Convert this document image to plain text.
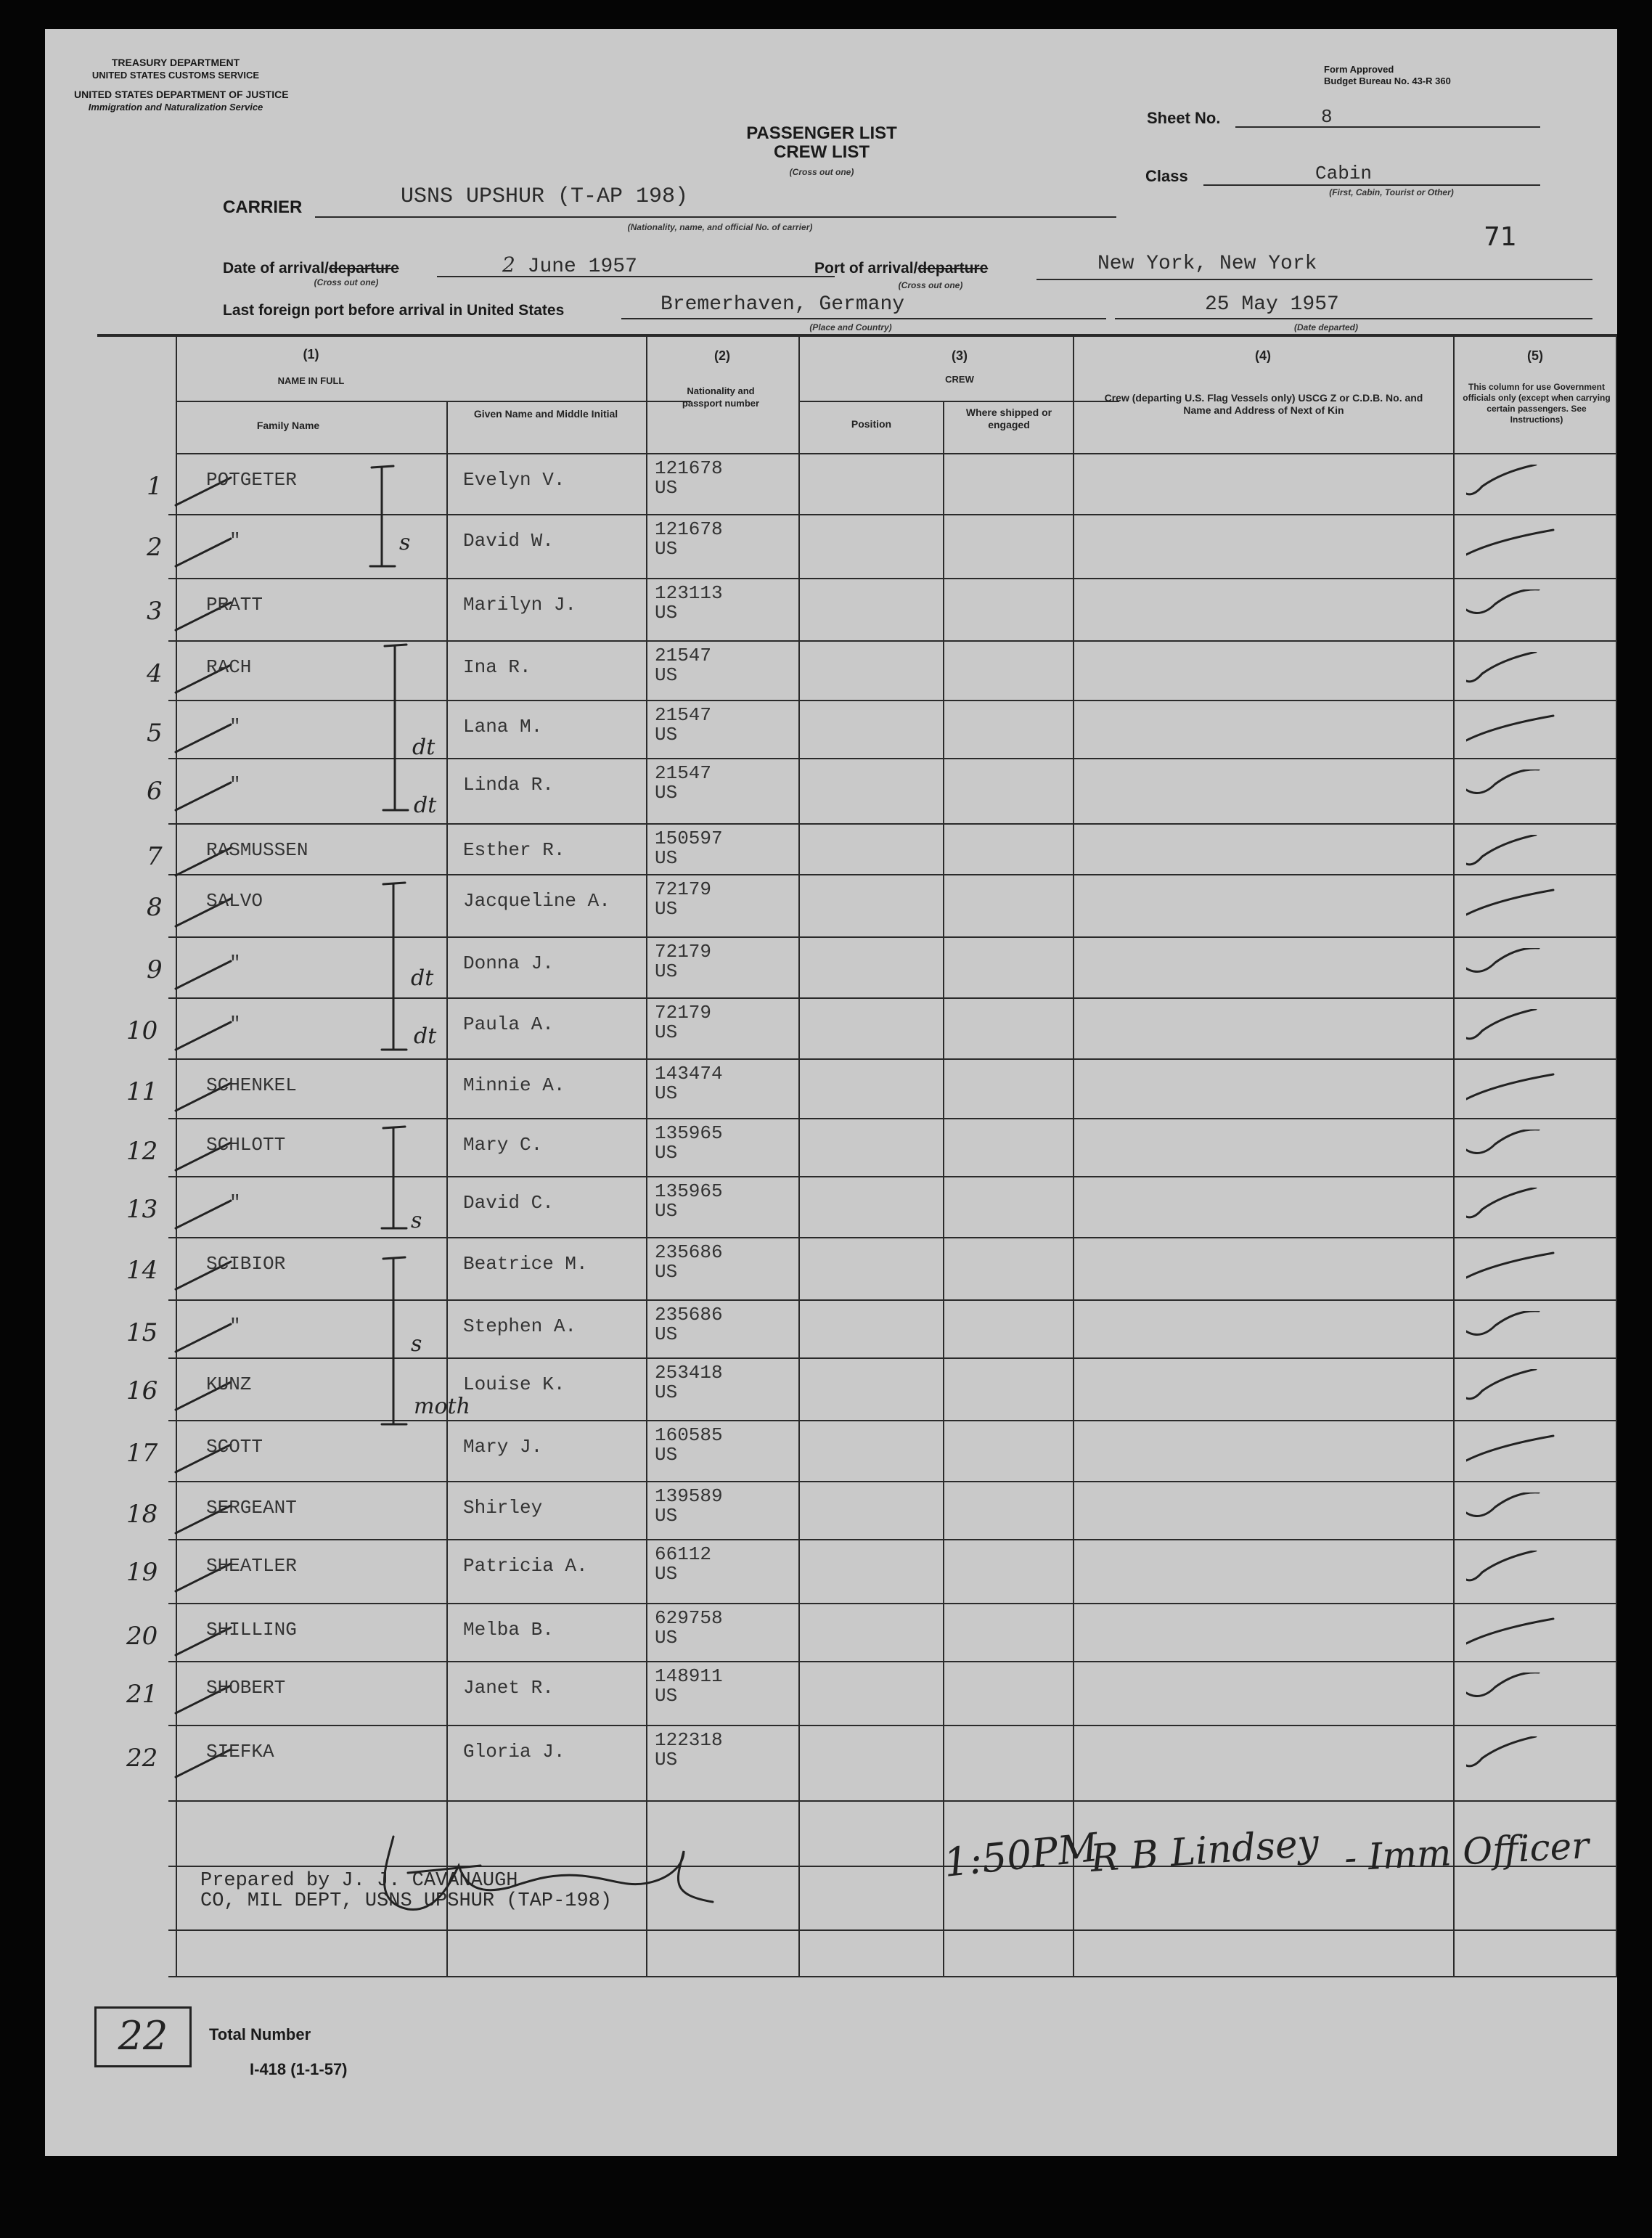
TREASURY DEPARTMENT
UNITED STATES CUSTOMS SERVICE
UNITED STATES DEPARTMENT OF JUSTICE
Immigration and Naturalization Service
Form Approved
Budget Bureau No. 43-R 360
PASSENGER LIST
CREW LIST
(Cross out one)
Sheet No.	8
Class	Cabin
(First, Cabin, Tourist or Other)
71
CARRIER	USNS UPSHUR (T-AP 198)
(Nationality, name, and official No. of carrier)
Date of arrival/departure	2 June 1957
(Cross out one)
Port of arrival/departure	New York, New York
(Cross out one)
Last foreign port before arrival in United States	Bremerhaven, Germany
(Place and Country)
25 May 1957
(Date departed)
(1)
NAME IN FULL
Family Name
Given Name and Middle Initial
(2)
Nationality and passport number
(3)
CREW
Position
Where shipped or engaged
(4)
Crew (departing U.S. Flag Vessels only) USCG Z or C.D.B. No. and Name and Address of Next of Kin
(5)
This column for use Government officials only (except when carrying certain passengers. See Instructions)
1 POTGETER	Evelyn V.
121678
US
2	"	David W.
121678
US
3 PRATT	Marilyn J.
123113
US
4 RACH	Ina R.
21547
US
5	"	Lana M.
21547
US
6	"	Linda R.
21547
US
7 RASMUSSEN	Esther R.
150597
US
8 SALVO	Jacqueline A.
72179
US
9	"	Donna J.
72179
US
10	"	Paula A.
72179
US
11	SCHENKEL	Minnie A.
143474
US
12	SCHLOTT	Mary C.
135965
US
13	"	David C.
135965
US
14	SCIBIOR	Beatrice M.
235686
US
15	"	Stephen A.
235686
US
16	KUNZ	Louise K.
253418
US
17	SCOTT	Mary J.
160585
US
18	SERGEANT	Shirley
139589
US
19	SHEATLER	Patricia A.
66112
US
20	SHILLING	Melba B.
629758
US
21	SHOBERT	Janet R.
148911
US
22	SIEFKA	Gloria J.
122318
US
s
dt
dt
dt
dt
s
s
moth
Prepared by J. J. CAVANAUGH
CO, MIL DEPT, USNS UPSHUR (TAP-198)
1:50PM
R B Lindsey - Imm Officer
22	Total Number
I-418 (1-1-57)
